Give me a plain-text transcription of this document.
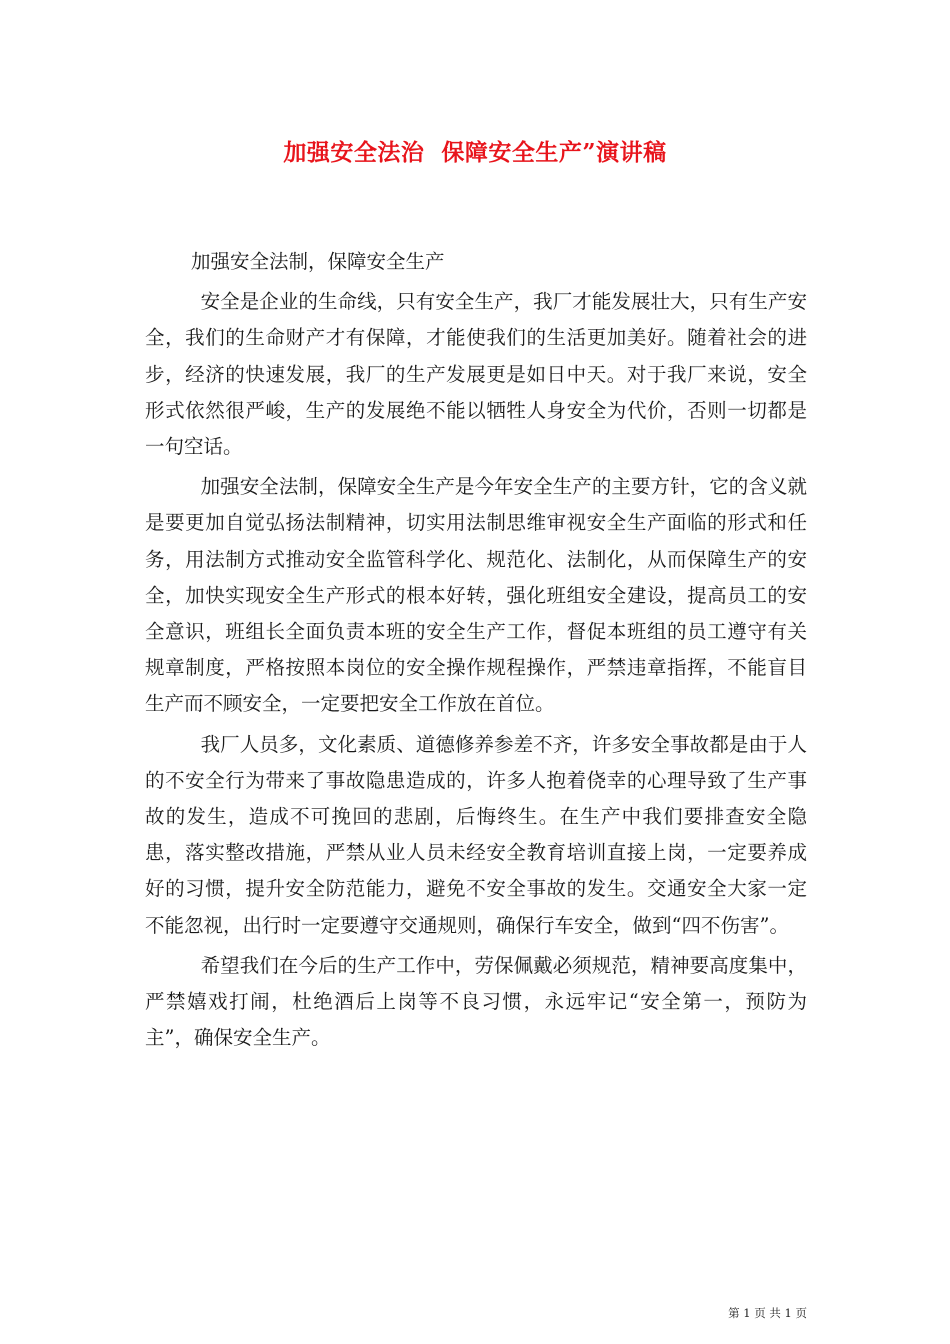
加强安全法治  保障安全生产”演讲稿

加强安全法制，保障安全生产

安全是企业的生命线，只有安全生产，我厂才能发展壮大，只有生产安全，我们的生命财产才有保障，才能使我们的生活更加美好。随着社会的进步，经济的快速发展，我厂的生产发展更是如日中天。对于我厂来说，安全形式依然很严峻，生产的发展绝不能以牺牲人身安全为代价，否则一切都是一句空话。

加强安全法制，保障安全生产是今年安全生产的主要方针，它的含义就是要更加自觉弘扬法制精神，切实用法制思维审视安全生产面临的形式和任务，用法制方式推动安全监管科学化、规范化、法制化，从而保障生产的安全，加快实现安全生产形式的根本好转，强化班组安全建设，提高员工的安全意识，班组长全面负责本班的安全生产工作，督促本班组的员工遵守有关规章制度，严格按照本岗位的安全操作规程操作，严禁违章指挥，不能盲目生产而不顾安全，一定要把安全工作放在首位。

我厂人员多，文化素质、道德修养参差不齐，许多安全事故都是由于人的不安全行为带来了事故隐患造成的，许多人抱着侥幸的心理导致了生产事故的发生，造成不可挽回的悲剧，后悔终生。在生产中我们要排查安全隐患，落实整改措施，严禁从业人员未经安全教育培训直接上岗，一定要养成好的习惯，提升安全防范能力，避免不安全事故的发生。交通安全大家一定不能忽视，出行时一定要遵守交通规则，确保行车安全，做到“四不伤害”。

希望我们在今后的生产工作中，劳保佩戴必须规范，精神要高度集中，严禁嬉戏打闹，杜绝酒后上岗等不良习惯，永远牢记“安全第一，预防为主”，确保安全生产。

第 1 页 共 1 页
